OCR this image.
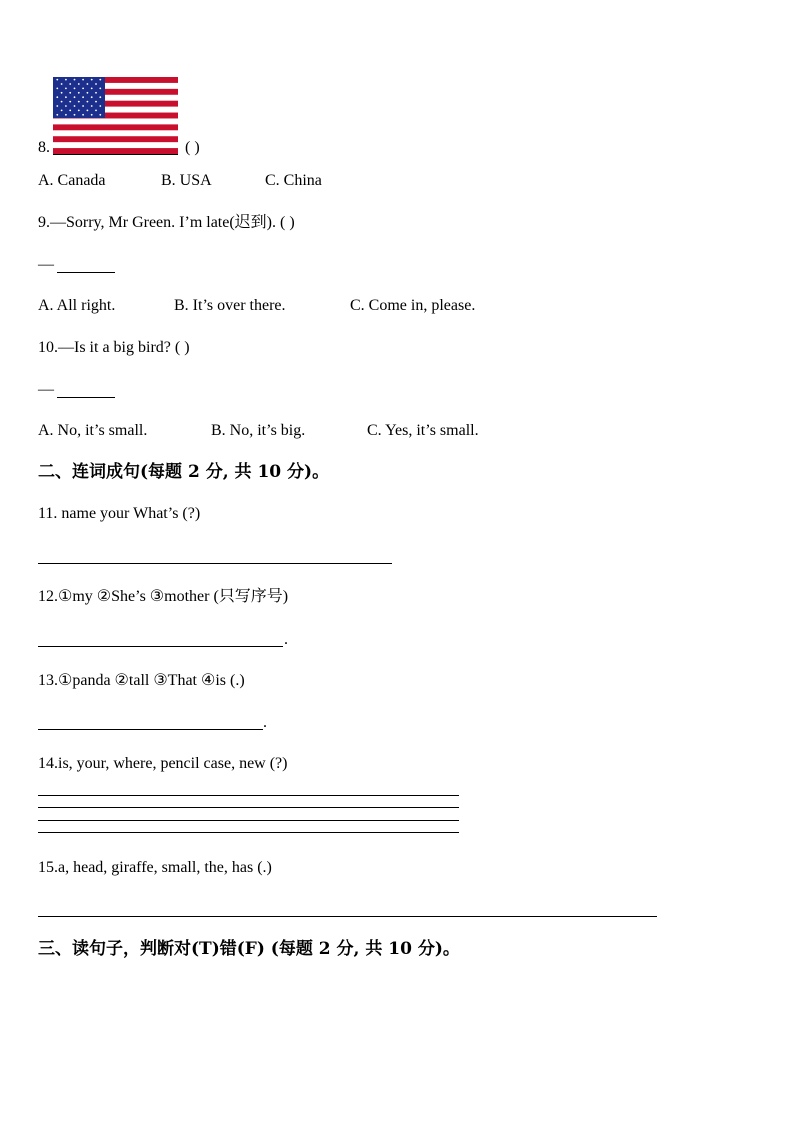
8.	( )
A. Canada	B. USA	C. China
9.—Sorry, Mr Green. I’m late(迟到). ( )
—
A. All right.	B. It’s over there.	C. Come in, please.
10.—Is it a big bird? ( )
—
A. No, it’s small.	B. No, it’s big.	C. Yes, it’s small.
二、连词成句(每题 2 分, 共 10 分)。
11. name your What’s (?)
12.①my ②She’s ③mother (只写序号)
.
13.①panda ②tall ③That ④is (.)
.
14.is, your, where, pencil case, new (?)
15.a, head, giraffe, small, the, has (.)
三、读句子，判断对(T)错(F) (每题 2 分, 共 10 分)。
